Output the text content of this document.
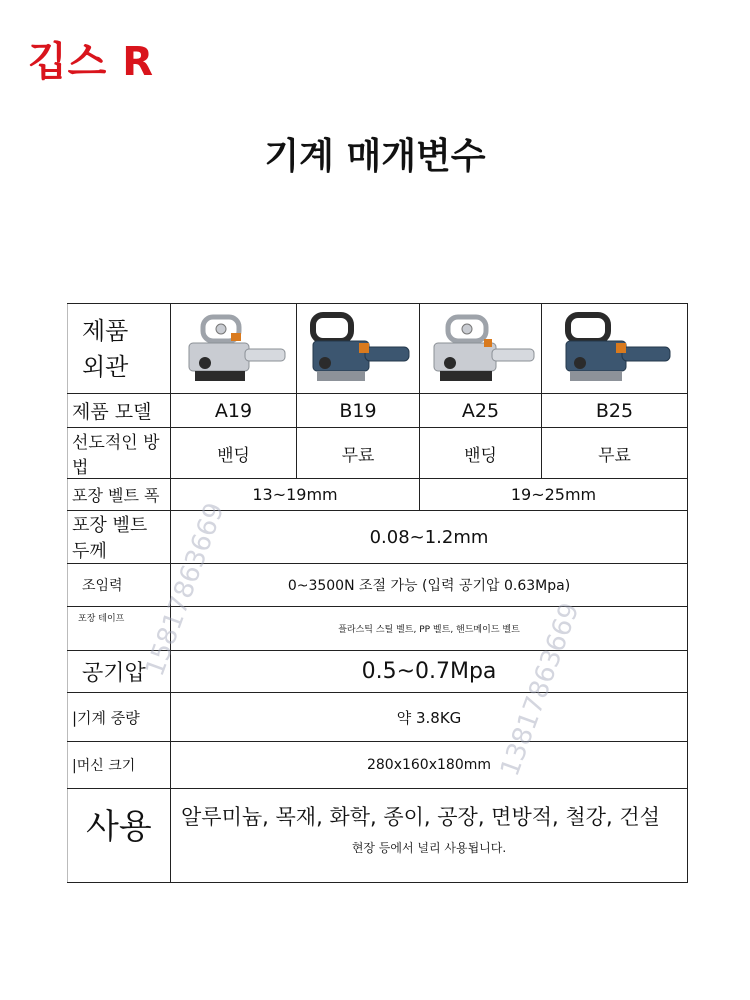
깁스 R
기계 매개변수
제품
외관

제품 모델	A19	B19	A25	B25
선도적인 방법	밴딩	무료	밴딩	무료
포장 벨트 폭	13~19mm		19~25mm	
포장 벨트 두께	0.08~1.2mm			
조임력	0~3500N 조절 가능 (입력 공기압 0.63Mpa)			
포장 테이프	플라스틱 스틸 벨트, PP 벨트, 핸드메이드 벨트			
공기압	0.5~0.7Mpa			
|기계 중량	약 3.8KG			
|머신 크기	280x160x180mm			
사용	알루미늄, 목재, 화학, 종이, 공장, 면방적, 철강, 건설
현장 등에서 널리 사용됩니다.			
15817863669
13817863669
